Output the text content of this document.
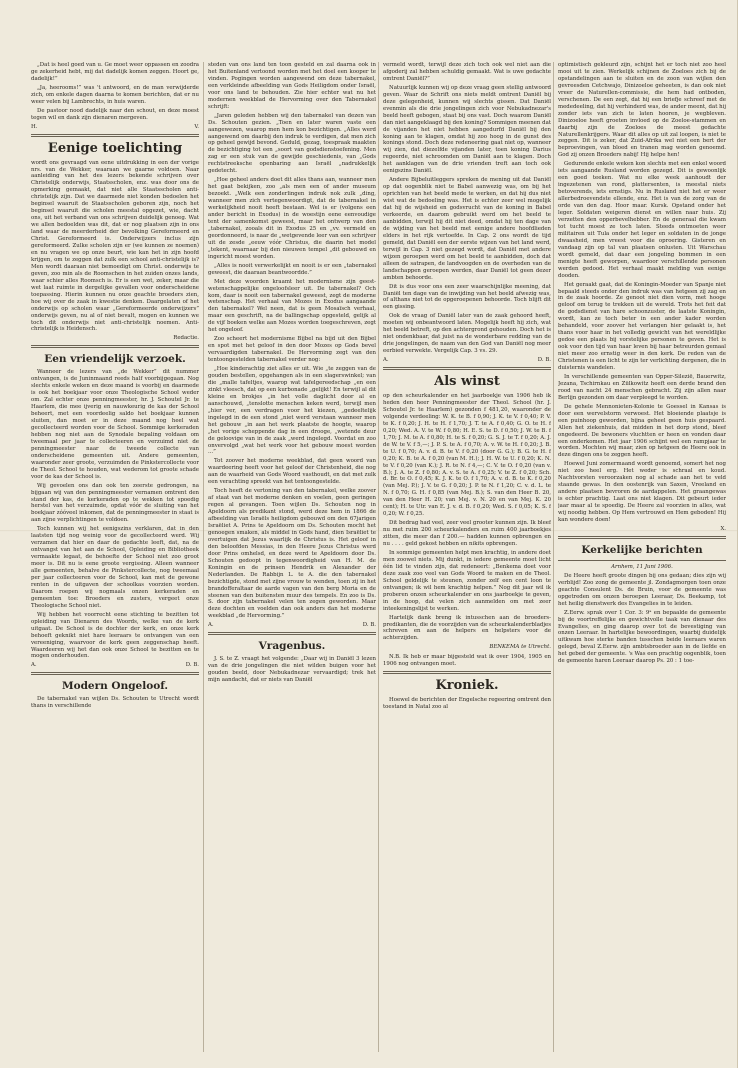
„Dat is heel goed van u. Ge moet weer oppassen en zoodra ge zekerheid hebt, mij dat dadelijk komen zeggen. Hoort ge, dadelijk!”

„Ja, heerooms!” was 't antwoord, en de man verwijderde zich, om enkele dagen daarna te komen berichten, dat er nu weer velen bij Lambrechts, in huis waren.

De pastoor nood dadelijk naar den schout, en deze moest tegen wil en dank zijn dienaren mergeven.

H.	V.
Eenige toelichting

wordt ons gevraagd van eene uitdrukking in een der vorige nrs. van de Wekker, waaraan we gaarne voldoen. Naar aanleiding van het des lezers bekende schrijven over Christelijk onderwijs, Staatsscholen, enz. was door ons de opmerking gemaakt, dat niet alle Staatsscholen anti-christelijk zijn. Dat we daarmede niet konden bedoelen het beginsel waaruit de Staatsscholen geboren zijn, noch het beginsel waaruit die scholen meestal opgezet, wie, dacht ons, uit het verband van ons schrijven duidelijk genoeg. Wat we allen bedoelden was dit, dat er nog plaatsen zijn in ons land waar de meerderheid der bevolking Gereformeerd en Christ. Gereformeerd is. Onderwijzers inclus zijn gereformeerd. Zulke scholen zijn er (we kunnen ze noemen) en nu vragen we op onze beurt, wie kan het in zijn hoofd krijgen, om te zeggen dat zulk een school anti-christelijk is? Men wordt daaraan niet bemoedigt om Christ. onderwijs te geven, zoo min als de Roomschen in het zuiden onzes lands, waar schier alles Roomsch is. Er is een wet, zeker, maar die wet laat ruimte in dergelijke gevallen voor onderscheidene toepassing. Hierin kunnen nu onze geachte broeders zien, hoe wij over de zaak in kwestie denken. Daargelaten of het onderwijs op scholen waar „Gereformeerde onderwijzers” onderwijs geven, nu al of niet bevalt, mogen en kunnen we toch dit onderwijs niet anti-christelijk noemen. Anti-christelijk is Heidensch.

Redactie.
Een vriendelijk verzoek.

Wanneer de lezers van „de Wekker” dit nummer ontvangen, is de Juninmaand reeds half voorbijgegaan. Nog slechts enkele weken en deze maand is voorbij en daarmede is ook het boekjaar voor onze Theologische School weder om. Zal echter onze penningmeester, hr. J. Schoutel Jr. te Haarlem, die mee ijverig en nauwkeurig de kas der School beheert, met een voordeelig saldo het boekjaar kunnen sluiten, dan moet er in deze maand nog heel wat gecollecteerd worden voor de School. Sommige kerkeraden hebben nog niet aan de Synodale bepaling voldaan om tweemaal per jaar te collecteeren en verzuimd niet de penningmeester naar de tweede collecte van onderscheidene gemeenten uit. Andere gemeenten, waaronder zeer groote, verzuimden de Pinkstercollecte voor de Theol. School te houden, wat wederom tot groote schade voor de kas der School is.

Wij gevoelen ons dan ook ten zeerste gedrongen, na bijgaan wij van den penningmeester vernamen omtrent den stand der kas, de kerkeraden op te wekken tot spoedig herstel van het verzuimde, opdat vóór de sluiting van het boekjaar zóóveel inkomen, dat de penningmeester in staat is aan zijne verplichtingen te voldoen.

Toch kunnen wij het eenigszins verklaren, dat in den laatsten tijd nog weinig voor de gecollecteerd werd. Wij verzamen dat hier en daar de gedachte leeft, dat, na de ontvangst van het aan de School, Opleiding en Bibliotheek vermaakte legaat, de behoefte der School niet zoo groot meer is. Dit nu is eene groote vergissing. Alleen wanneer alle gemeenten, behalve de Pinkstercollecte, nog tweemaal per jaar collecteeren voor de School, kan met de gewone renten in de uitgaven der schoolkas voorzien worden. Daarom roepen wij nogmaals onzen kerkeraden en gemeenten toe: Broeders en zusters, vergeet onze Theologische School niet.

Wij hebben het voorrecht eene stichting te bezitten tot opleiding van Dienaren des Woords, welke van de kerk uitgaat. De School is de dochter der kerk, en onze kerk behoeft geknikt niet hare leeraars te ontvangen van een vereeniging, waarvoor de kerk geen zeggenschap heeft. Waardeeren wij het dan ook onze School te bezitten en te mogen onderhouden.

A.	D. B.
Modern Ongeloof.

De tabernakel van wijlen Ds. Schouten te Utrecht wordt thans in verschillende

steden van ons land ten toon gesteld en zal daarna ook in het Buitenland vertoond worden met het doel een kooper te vinden. Pogingen worden aangewend om deze tabernakel, een verkleinde afbeelding van Gods Heiligdom onder Israël, voor ons land te behouden. Zie hier echter wat nu het modernen weekblad de Hervorming over den Tabernakel schrijft:

„Jaren geleden hebben wij den tabernakel van dezen van Ds. Schouten gezien. „Toen en later waren vaste een aangewezen, waarop men hem kon bezichtigen. „Alles werd aangewend om daarbij den indruk te verdigen, dat men zich op geheel gewijd bevond. Geduld, gezag, toespraak maakten de bezichtiging tot een „soort van godsdienstoefening. Men zag er een stuk van de gewijde geschiedenis, van „Gods rechtstreeksche openbaring aan Israël „nadrukkelijk gedetecht.

„Hoe geheel anders doet dit alles thans aan, wanneer men het gaat bekijken, zoo „als men een of ander museum bezoekt. „Welk een zonderlingen indruk nok zulk „ding, wanneer men zich vertegenwoordigt, dat de tabernakel in werkelijkheid nooit heeft bestaan. Wel is er (volgens een ander bericht in Exodus) in de woestijn eene eenvoudige tent der samenkomst geweest, maar het ontwerp van den „tabernakel, zooals dit in Exodus 25 en „vv. vermeld en geordonneerd, is naar de „wetgevende leer van een schrijver uit de zesde „eeuw vóór Christus, die daarin het model „tekent, waarnaar bij den nieuwen tempel „dit gebouwd en ingericht moest worden.

„Alles is nooit verwerkelijkt en nooit is er een „tabernakel geweest, die daaraan beantwoordde.”

Met deze woorden kraamt het modernisme zijn geest-wetenschappelijke ongeloofsleer uit. De tabernakel? Och kom, daar is nooit een tabernakel geweest, zegt de moderne wetenschap. Het verhaal van Mozes in Exodus aangaande den tabernakel? Wel neen, dat is geen Mosaïsch verhaal, maar een geschrift, na de ballingschap opgesteld, gelijk al de vijf boeken welke aan Mozes worden toegeschreven, zegt het ongeloof.

Zoo scheert het modernisme Bijbel na bijd uit den Bijbel en spot met het geloof in den door Mozes op Gods bevel vervaardigden tabernakel. De Hervorming zegt van den tentoongestelden tabernakel verder nog:

„Hoe kinderachtig ziet alles er uit. Wie „te zeggen van de gouden bestellen, opgehangen als in een slagerswinkel; van die „malle tafeltjes, waarop wat tafelgereedschap „en een zinkt vleesch, dat op een kurbonade „gelijkt! En terwijl al dit kleine en brokjes „in het volle daglicht door al en aanschouwd, „tenslotte menschen keken werd, terwijl men „hier ver, een verdragen voor het kiezen, „gedeeltelijk ingelegd in de een stond „niet werd verstaan wanneer men het gebouw „in aan het werk plaatste de hoogte, waarop „het vorige scheppende dag in een drooge, „wetende deur de geloovige van in de zaak „werd ingelegd. Voordat en zoo onvervolgd „wat het werk voor het gebouw moest worden ...”

Tot zoover het moderne weekblad, dat geen woord van waardeering heeft voor het geloof der Christenheid, die nog aan de waarheid van Gods Woord vasthoudt, en dat met zulk een verachting spreekt van het tentoongestelde.

Toch heeft de vertoning van den tabernakel, welke zoover af staat van het moderne denken en voelen, geen geringen regen al gevangen. Toen wijlen Ds. Schouten nog in Apeldoorn als predikant stond, werd deze hem in 1866 de afbeelding van Israëls heiligdom gebouwd om den 67jarigen Israëliet A. Prins te Apeldoorn om Ds. Schouten mocht het genoegen smaken, als middel in Gods hand, dien Israëliet te overtuigen dat Jezus waarlijk de Christus is. Het geloof in den beloofden Messias, in den Heere Jezus Christus werd door Prins omhelsd, en deze werd te Apeldoorn door Ds. Schouten gedoopt in tegenwoordigheid van H. M. de Koningin en de prinsen Hendrik en Alexander der Nederlanden. De Rabbijn L. te A. die den tabernakel bezichtigde, stond met zijne vrouw te wenden, toen zij in het brandofferaltaar de aarde vagen van den berg Moria en de steenen van den buitensten muur des tempels. En zoo is Ds. S. door zijn tabernakel velen ten zegen geworden. Maar deze dochten en voelden dan ook anders dan het moderne weekblad „de Hervorming.”

A.	D. B.
Vragenbus.

J. S. te Z. vraagt het volgende: „Daar wij in Daniël 3 lezen van de drie jongelingen die niet wilden buigen voor het gouden beeld, door Nebukadnezar vervaardigd; trek het mijn aandacht, dat er niets van Daniël

vermeld wordt, terwijl deze zich toch ook wel niet aan die afgoderij zal hebben schuldig gemaakt. Wat is uwe gedachte omtrent Daniël?”

Natuurlijk kunnen wij op deze vraag geen stellig antwoord geven. Waar de Schrift ons niets meldt omtrent Daniël bij deze gelegenheid, kunnen wij slechts gissen. Dat Daniël evenmin als die drie jongelingen zich voor Nebukadnezar's beeld heeft gebogen, staat bij ons vast. Doch waarom Daniël dan niet aangeklaagd bij den koning? Sommigen meenen dat de vijanden het niet hebben aangedurfd Daniël bij den koning aan te klagen, omdat hij zoo hoog in de gunst des konings stond. Doch deze redeneering gaat niet op, wanneer wij zien, dat diezelfde vijanden later, toen koning Darius regeerde, niet schroomden om Daniël aan te klagen. Doch het aanklagen van de drie vrienden treft aan toch ook eenigszins Daniël.

Andere Bijbeluitleggers spreken de mening uit dat Daniël op dat oogenblik niet te Babel aanwezig was, om bij het oprichten van het beeld mede te werken, en dat hij dus niet wist wat de bedoeling was. Het is echter zeer wel mogelijk dat hij de wijsheid en godsvrucht van de koning in Babel verkeerde, en daarom gebruikt werd om het beeld te aanbidden, terwijl hij dit niet deed, omdat hij ten dage van de wijding van het beeld met eenige andere hoofdlieden elders in het rijk vertoefde. In Cap. 2 ons wordt de tijd gemeld, dat Daniël een der eerste wijzen van het land werd, terwijl in Cap. 3 niet gezegd wordt, dat Daniël met andere wijzen geroepen werd om het beeld te aanbidden, doch dat alleen de satrapen, de landvoogden en de overheden van de landschappen geroepen werden, daar Daniël tot geen dezer ambten behoorde.

Dit is dus voor ons een zeer waarschijnlijke meening, dat Daniël ten dage van de inwijding van het beeld afwezig was, of althans niet tot de opgeroepenen behoorde. Toch blijft dit een gissing.

Ook de vraag of Daniël later van de zaak gehoord heeft, moeten wij onbeantwoord laten. Mogelijk heeft hij zich, wat het beeld betreft, op den achtergrond gehouden. Doch het is niet ondenkbaar, dat juist na de wonderbare redding van de drie jongelingen, de naam van den God van Daniël nog meer eerbied verwekte. Vergelijk Cap. 3 vs. 29.

A.	D. B.
Als winst

op den scheurkalender en het jaarboekje van 1906 heb ik heden den heer Penningmeester der Theol. School (hr. J. Schoutel Jr. te Haarlem) gezonden f 481,20, waaronder de volgende verdeeling: W. K. te B. f 0,90; J. K. te V. f 0,40; P. V. te K. f 0,20; J. H. te H. f 1,70; J. T. te A. f 0,40; G. O. te H. f 0,20; Wed. A. V. te W. f 0,80; H. E. S. te D. f 0,50; J. W. te B. f 1,70; J. M. te A. f 0,80; H. te S. f 0,20; G. S. J. te T. f 0,20; A. J. de W. te V. f 5,—; J. P. S. te A. f 0,70; A. v. W. te H. f 0,20; J. B. te U. f 0,70; A. v. d. B. te V. f 0,20 (door G. G.); B. G. te H. f 0,20; K. B. te A. f 0,20 (van M. H.); J. H. W. te U. f 0,20; K. N. te V. f 0,20 (van K.); J. R. te N. f 4,—; C. V. te O. f 0,20 (van v. B.); J. A. te Z. f 0,80; A. v. S. te A. f 0,25; V. te Z. f 0,20; Sch. d. Br. te O. f 0,45; K. J. K. te O. f 1,70; A. v. d. B. te K. f 0,20 (van Mej. P.); J. V. te G. f 0,20; J. P. te N. f 1,20; C. v. d. L. te N. f 0,70; G. H. f 0,85 (van Mej. B.); S. van den Heer B. 20, van den Heer H. 20; van Mej. v. N. 20 en van Mej. K. 20 cent); H. te Utr. van E. J. v. d. B. f 0,20; Wed. S. f 0,05; K. S. f 0,20; W. f 0,25.

Dit bedrag had veel, zeer veel grooter kunnen zijn. Ik bleef nu met ruim 200 scheurkalenders en ruim 400 jaarboekjes zitten, die meer dan f 200.— hadden kunnen opbrengen en nu . . . . geld gekost hebben en nikits opbrengen.

In sommige gemeenten helpt men krachtig, in andere doet men zoowel niets. Mij dunkt, in iedere gemeente moet licht één lid te vinden zijn, dat redeneert: „Benkema doet voor deze zaak zoo veel van Gods Woord te maken en de Theol. School geldelijk te steunen, zonder zelf een cent loon te ontvangen; ik wil hem krachtig helpen.” Nog dit jaar wil ik proberen onzen scheurkalender en ons jaarboekje te geven, in de hoop, dat velen zich aanmelden om met zeer inteekeningslijst te werken.

Hartelijk dank breng ik intusschen aan de broeders-predikanten, die de voorzijden van de scheurkalenderbladjes schreven en aan de helpers en helpsters voor de achterzijden.

BENKEMA te Utrecht.

N.B. Ik heb er maar bijgesteld wat ik over 1904, 1905 en 1906 nog ontvangen moet.

Kroniek.

Hoewel de berichten der Engelsche regeering omtrent den toestand in Natal zoo al

optimistisch gekleurd zijn, schijnt het er toch niet zoo heel mooi uit te zien. Werkelijk schijnen de Zoeloes zich bij de opstandelingen aan te sluiten en de zoon van wijlen den gevreesden Cetchwajo, Dinizoeloe geheeten, is dan ook niet vreer de Naturellen-commissie, die hem had ontboden, verschenen. De een zegt, dat hij een briefje schreef met de mededeeling, dat hij verhinderd was, de ander meent, dat hij zonder iets van zich te laten hooren, je wegbleven. Dinizoeloe heeft groeten invloed op de Zoeloe-stammen en daarbij zijn de Zoeloes de meest gedachte Naturellenkrijgers. Waar dit alles op uit zal loopen, is niet te zeggen. Dit is zeker, dat Zuid-Afrika wel niet een bert der beproevingen, van bloed en tranen mag worden genoemd. God zij onzen Broeders nabij! Hij helpe hen!

Gedurende enkele weken kon slechts met een enkel woord iets aangaande Rusland worden gezegd. Dit is gewoonlijk een goed teeken. Wat nu elke week aanhoudt der ingezetenen van rond, plattersenten, is meestal niets betoverends, iets ernstigs. Nu in Rusland niet het er weer allerbedroevendste ellende, enz. Het is van de zorg van de orde van den dag. Hoor maar. Kursk. Opstand onder het leger. Soldaten weigeren dienst en willen naar huis. Zij verzetten den opperbevelhebber. En de generaal die kwam tot tucht moest ze toch laten. Steeds ontmoeten weer militairen uit Tula onder het leger en soldaten in de jonge dwaasheid, men vreest voor die oproering. Gisteren en vandaag zijn op tal van plaatsen onlusten. Uit Warschau wordt gemeld, dat daar een jongeling bommen in een menigte heeft geworpen, waardoor verschillende personen werden gedood. Het verhaal maakt melding van eenige dooden.

Het geraakt gaat, dat de Koningin-Moeder van Spanje niet bepaald steeds onder den indruk was van hetgeen zij zag en in de zaak hoorde. Ze genoot niet dien vorm, met hooge geloof om terug te trekken uit de wereld. Trots het feit dat de godsdienst van hare schoonzuster, de laatste Koningin, wordt, kan ze toch beter in een ander kader worden behandeld, voor zoover het verlangen hier gelaakt is, het thans voor haar in het volledig gewicht van het wereldlijke gedoe een plaats bij vorstelijke personen te geven. Het is ook voor den tijd van haar leven bij haar betreurden gemaal niet meer zoo ernstig weer in den kerk. De reden van de Christenen is een licht te zijn ter verlichting dergenen, die in duisternis wandelen.

In verschillende gemeenten van Opper-Silezië, Bauerwitz, Jezana, Tschirnkau en Zülkowitz heeft een derde brand den rood van nacht 24 menschen gebracht. Zij zijn allen naar Berlijn gezonden om daar verpleegd te worden.

De gehele Mennonieten-Kolonie te Goessel in Kansas is door een wervelstorm verwoest. Het bloeiende plaatsje is een puinhoop geworden, bijna geheel geen huis gespaard. Allen het ziekenhuis, dat midden in het dorp stond, bleef ongedeerd. De bewoners vluchtten er heen en vonden daar een onderkomen. Het jaar 1906 schijnt wel een rampjaar te worden. Mochten wij maar, zien op hetgeen de Heere ook in deze dingen ons te zeggen heeft.

Hoewel Juni zomermaand wordt genoemd, somert het nog niet zoo heel erg. Het weder is schraal en koud. Nachtvorsten veroorzaken nog al schade aan het te veld staande gewas. In den oostenrijk van Saxen, Vreeland en andere plaatsen bevroren de aardappelen. Het graangewas is echter prachtig. Laat ons niet klagen. Dit gebeurt ieder jaar maar al te spoedig. De Heere zal voorzien in alles, wat wij noodig hebben. Op Hem vertrouwd en Hem geboden! Hij kan wondere doen!

X.
Kerkelijke berichten
Arnhem, 11 Juni 1906.

De Heere heeft groote dingen bij ons gedaan; dies zijn wij verblijd! Zoo zong de gemeente jl. Zondagmorgen toen onze geachte Consulent Ds. de Bruin, voor de gemeente was opgetreden om onzen beroepen Leeraar, Ds. Beekamp, tot het heilig dienstwerk des Evangelies in te leiden.

Z.Eerw. sprak over 1 Cor. 3: 9ᵃ en bepaalde de gemeente bij de voortreffelijke en gewichtvolle taak van dienaar des Evangelies, en ging daarop over tot de bevestiging van onzen Leeraar. In hartelijke bewoordingen, waarbij duidelijk uitkwam hoe sterke banden tusschen beide leeraars waren gelegd, beval Z.Eerw. zijn ambtsbroeder aan in de liefde en het gebed der gemeente. 's Was een prachtig oogenblik, toen de gemeente haren Leeraar daarop Ps. 20 : 1 toe-
